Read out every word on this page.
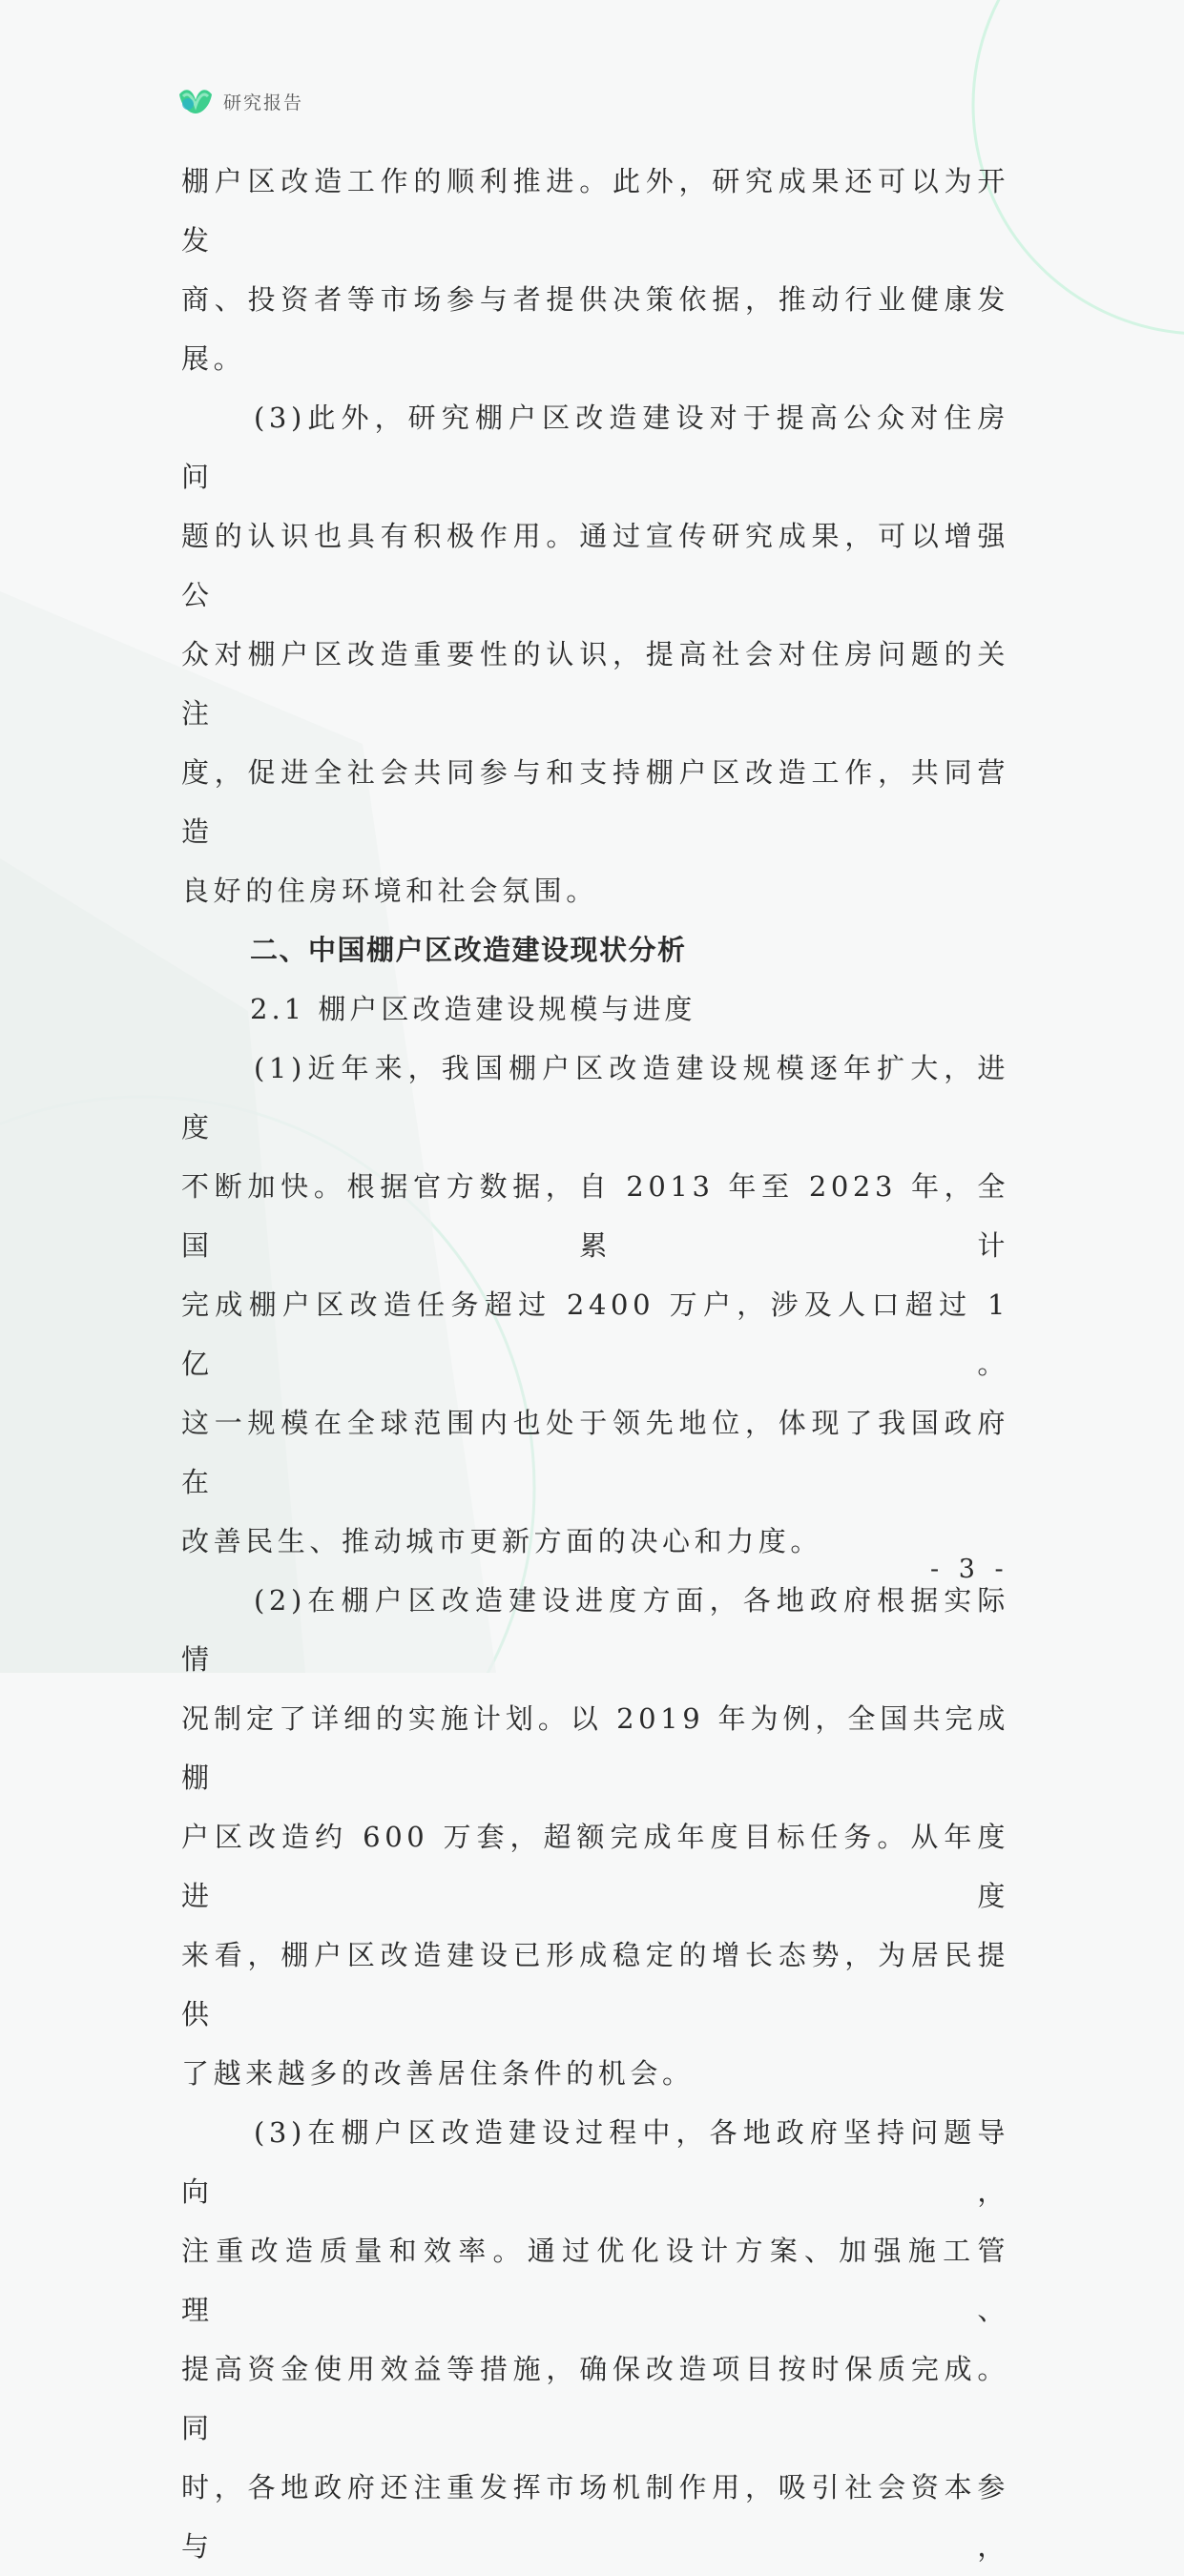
研究报告

棚户区改造工作的顺利推进。此外，研究成果还可以为开发

商、投资者等市场参与者提供决策依据，推动行业健康发展。

(3)此外，研究棚户区改造建设对于提高公众对住房问

题的认识也具有积极作用。通过宣传研究成果，可以增强公

众对棚户区改造重要性的认识，提高社会对住房问题的关注

度，促进全社会共同参与和支持棚户区改造工作，共同营造

良好的住房环境和社会氛围。

二、中国棚户区改造建设现状分析

2.1 棚户区改造建设规模与进度

(1)近年来，我国棚户区改造建设规模逐年扩大，进度

不断加快。根据官方数据，自 2013 年至 2023 年，全国累计

完成棚户区改造任务超过 2400 万户，涉及人口超过 1 亿。

这一规模在全球范围内也处于领先地位，体现了我国政府在

改善民生、推动城市更新方面的决心和力度。

(2)在棚户区改造建设进度方面，各地政府根据实际情

况制定了详细的实施计划。以 2019 年为例，全国共完成棚

户区改造约 600 万套，超额完成年度目标任务。从年度进度

来看，棚户区改造建设已形成稳定的增长态势，为居民提供

了越来越多的改善居住条件的机会。

(3)在棚户区改造建设过程中，各地政府坚持问题导向，

注重改造质量和效率。通过优化设计方案、加强施工管理、

提高资金使用效益等措施，确保改造项目按时保质完成。同

时，各地政府还注重发挥市场机制作用，吸引社会资本参与，

- 3 -
